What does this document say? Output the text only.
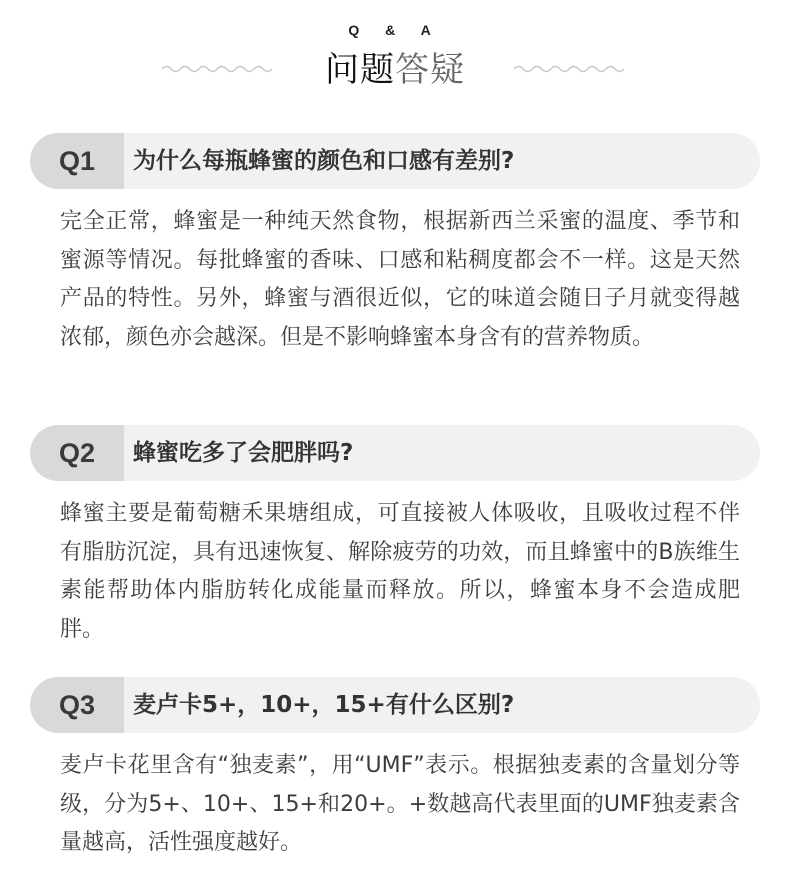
Q & A
问题答疑
Q1	为什么每瓶蜂蜜的颜色和口感有差别?
完全正常，蜂蜜是一种纯天然食物，根据新西兰采蜜的温度、季节和蜜源等情况。每批蜂蜜的香味、口感和粘稠度都会不一样。这是天然产品的特性。另外，蜂蜜与酒很近似，它的味道会随日子月就变得越浓郁，颜色亦会越深。但是不影响蜂蜜本身含有的营养物质。
Q2	蜂蜜吃多了会肥胖吗?
蜂蜜主要是葡萄糖禾果塘组成，可直接被人体吸收，且吸收过程不伴有脂肪沉淀，具有迅速恢复、解除疲劳的功效，而且蜂蜜中的B族维生素能帮助体内脂肪转化成能量而释放。所以，蜂蜜本身不会造成肥胖。
Q3	麦卢卡5+，10+，15+有什么区别?
麦卢卡花里含有“独麦素”，用“UMF”表示。根据独麦素的含量划分等级，分为5+、10+、15+和20+。+数越高代表里面的UMF独麦素含量越高，活性强度越好。
